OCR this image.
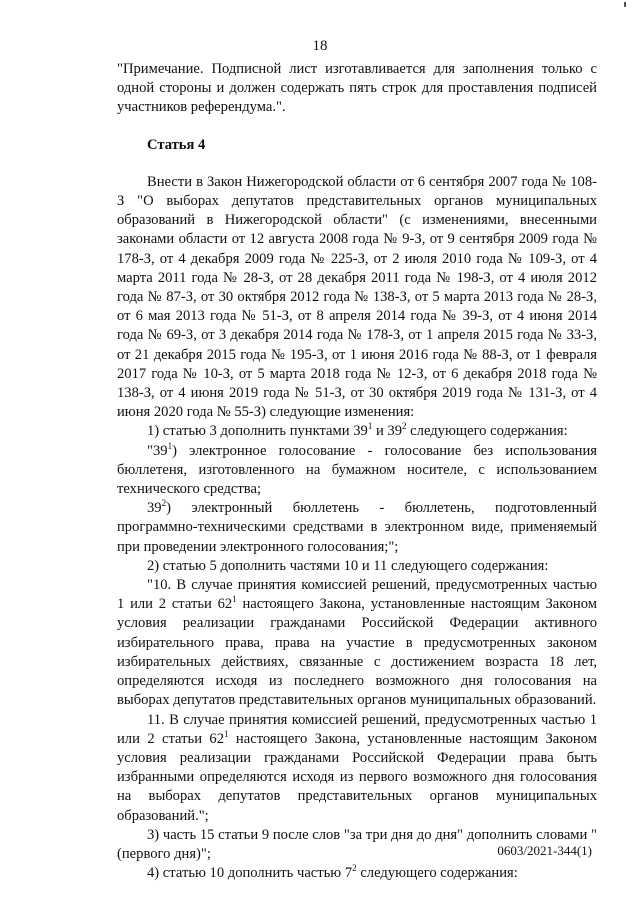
18

"Примечание. Подписной лист изготавливается для заполнения только с одной стороны и должен содержать пять строк для проставления подписей участников референдума.".

Статья 4

Внести в Закон Нижегородской области от 6 сентября 2007 года № 108-З "О выборах депутатов представительных органов муниципальных образований в Нижегородской области" (с изменениями, внесенными законами области от 12 августа 2008 года № 9-З, от 9 сентября 2009 года № 178-З, от 4 декабря 2009 года № 225-З, от 2 июля 2010 года № 109-З, от 4 марта 2011 года № 28-З, от 28 декабря 2011 года № 198-З, от 4 июля 2012 года № 87-З, от 30 октября 2012 года № 138-З, от 5 марта 2013 года № 28-З, от 6 мая 2013 года № 51-З, от 8 апреля 2014 года № 39-З, от 4 июня 2014 года № 69-З, от 3 декабря 2014 года № 178-З, от 1 апреля 2015 года № 33-З, от 21 декабря 2015 года № 195-З, от 1 июня 2016 года № 88-З, от 1 февраля 2017 года № 10-З, от 5 марта 2018 года № 12-З, от 6 декабря 2018 года № 138-З, от 4 июня 2019 года № 51-З, от 30 октября 2019 года № 131-З, от 4 июня 2020 года № 55-З) следующие изменения:

1) статью 3 дополнить пунктами $39^1$ и $39^2$ следующего содержания:

"$39^1$) электронное голосование - голосование без использования бюллетеня, изготовленного на бумажном носителе, с использованием технического средства;

$39^2$) электронный бюллетень - бюллетень, подготовленный программно-техническими средствами в электронном виде, применяемый при проведении электронного голосования;";

2) статью 5 дополнить частями 10 и 11 следующего содержания:

"10. В случае принятия комиссией решений, предусмотренных частью 1 или 2 статьи $62^1$ настоящего Закона, установленные настоящим Законом условия реализации гражданами Российской Федерации активного избирательного права, права на участие в предусмотренных законом избирательных действиях, связанные с достижением возраста 18 лет, определяются исходя из последнего возможного дня голосования на выборах депутатов представительных органов муниципальных образований.

11. В случае принятия комиссией решений, предусмотренных частью 1 или 2 статьи $62^1$ настоящего Закона, установленные настоящим Законом условия реализации гражданами Российской Федерации права быть избранными определяются исходя из первого возможного дня голосования на выборах депутатов представительных органов муниципальных образований.";

3) часть 15 статьи 9 после слов "за три дня до дня" дополнить словами "(первого дня)";

4) статью 10 дополнить частью $7^2$ следующего содержания:

0603/2021-344(1)
